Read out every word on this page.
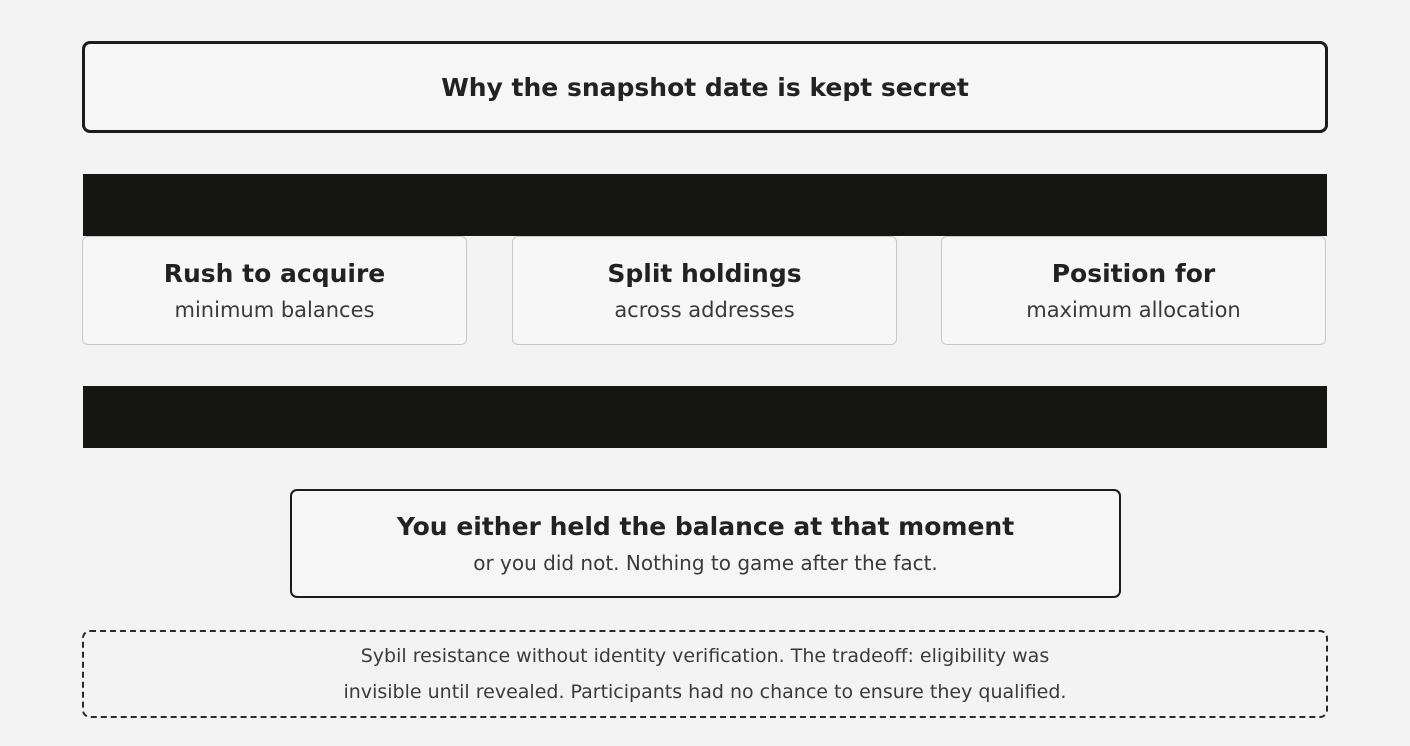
Why the snapshot date is kept secret
Rush to acquire
minimum balances
Split holdings
across addresses
Position for
maximum allocation
You either held the balance at that moment
or you did not. Nothing to game after the fact.
Sybil resistance without identity verification. The tradeoff: eligibility was
invisible until revealed. Participants had no chance to ensure they qualified.
